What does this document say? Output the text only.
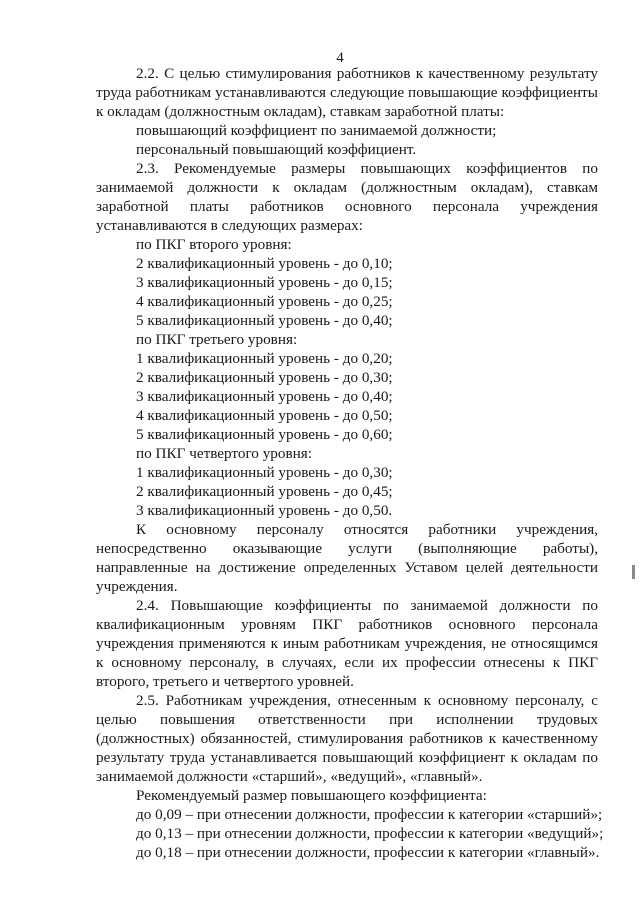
4

2.2. С целью стимулирования работников к качественному результату труда работникам устанавливаются следующие повышающие коэффициенты к окладам (должностным окладам), ставкам заработной платы:

повышающий коэффициент по занимаемой должности;

персональный повышающий коэффициент.

2.3. Рекомендуемые размеры повышающих коэффициентов по занимаемой должности к окладам (должностным окладам), ставкам заработной платы работников основного персонала учреждения устанавливаются в следующих размерах:

по ПКГ второго уровня:

2 квалификационный уровень - до 0,10;

3 квалификационный уровень - до 0,15;

4 квалификационный уровень - до 0,25;

5 квалификационный уровень - до 0,40;

по ПКГ третьего уровня:

1 квалификационный уровень - до 0,20;

2 квалификационный уровень - до 0,30;

3 квалификационный уровень - до 0,40;

4 квалификационный уровень - до 0,50;

5 квалификационный уровень - до 0,60;

по ПКГ четвертого уровня:

1 квалификационный уровень - до 0,30;

2 квалификационный уровень - до 0,45;

3 квалификационный уровень - до 0,50.

К основному персоналу относятся работники учреждения, непосредственно оказывающие услуги (выполняющие работы), направленные на достижение определенных Уставом целей деятельности учреждения.

2.4. Повышающие коэффициенты по занимаемой должности по квалификационным уровням ПКГ работников основного персонала учреждения применяются к иным работникам учреждения, не относящимся к основному персоналу, в случаях, если их профессии отнесены к ПКГ второго, третьего и четвертого уровней.

2.5. Работникам учреждения, отнесенным к основному персоналу, с целью повышения ответственности при исполнении трудовых (должностных) обязанностей, стимулирования работников к качественному результату труда устанавливается повышающий коэффициент к окладам по занимаемой должности «старший», «ведущий», «главный».

Рекомендуемый размер повышающего коэффициента:

до 0,09 – при отнесении должности, профессии к категории «старший»;

до 0,13 – при отнесении должности, профессии к категории «ведущий»;

до 0,18 – при отнесении должности, профессии к категории «главный».
